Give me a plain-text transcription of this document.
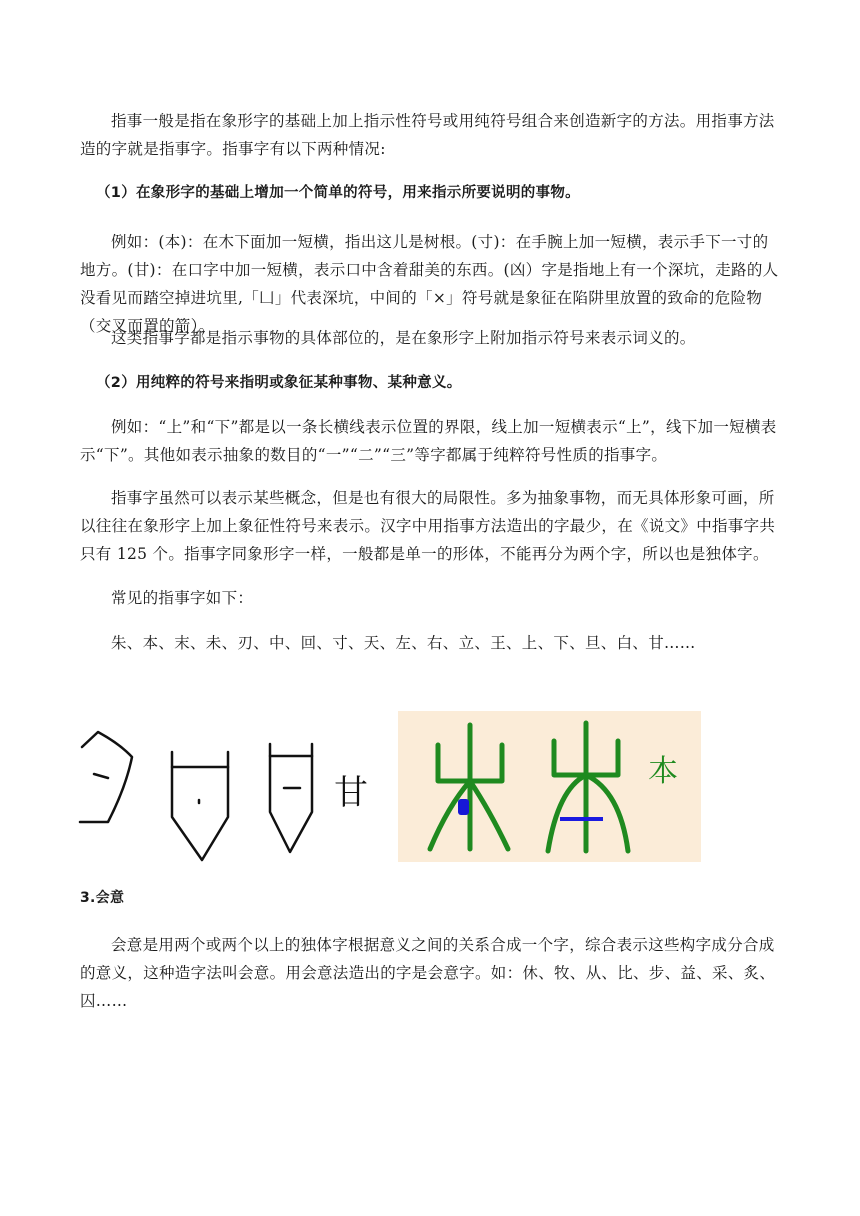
指事一般是指在象形字的基础上加上指示性符号或用纯符号组合来创造新字的方法。用指事方法造的字就是指事字。指事字有以下两种情况:

（1）在象形字的基础上增加一个简单的符号，用来指示所要说明的事物。

例如：(本)：在木下面加一短横，指出这儿是树根。(寸)：在手腕上加一短横，表示手下一寸的地方。(甘)：在口字中加一短横，表示口中含着甜美的东西。(凶）字是指地上有一个深坑，走路的人没看见而踏空掉进坑里,「凵」代表深坑，中间的「×」符号就是象征在陷阱里放置的致命的危险物（交叉而置的箭）。

这类指事字都是指示事物的具体部位的，是在象形字上附加指示符号来表示词义的。

（2）用纯粹的符号来指明或象征某种事物、某种意义。

例如：“上”和“下”都是以一条长横线表示位置的界限，线上加一短横表示“上”，线下加一短横表示“下”。其他如表示抽象的数目的“一”“二”“三”等字都属于纯粹符号性质的指事字。

指事字虽然可以表示某些概念，但是也有很大的局限性。多为抽象事物，而无具体形象可画，所以往往在象形字上加上象征性符号来表示。汉字中用指事方法造出的字最少，在《说文》中指事字共只有 125 个。指事字同象形字一样，一般都是单一的形体，不能再分为两个字，所以也是独体字。

常见的指事字如下：

朱、本、末、未、刃、中、回、寸、天、左、右、立、王、上、下、旦、白、甘……

甘
本

3.会意

会意是用两个或两个以上的独体字根据意义之间的关系合成一个字，综合表示这些构字成分合成的意义，这种造字法叫会意。用会意法造出的字是会意字。如：休、牧、从、比、步、益、采、炙、囚……
